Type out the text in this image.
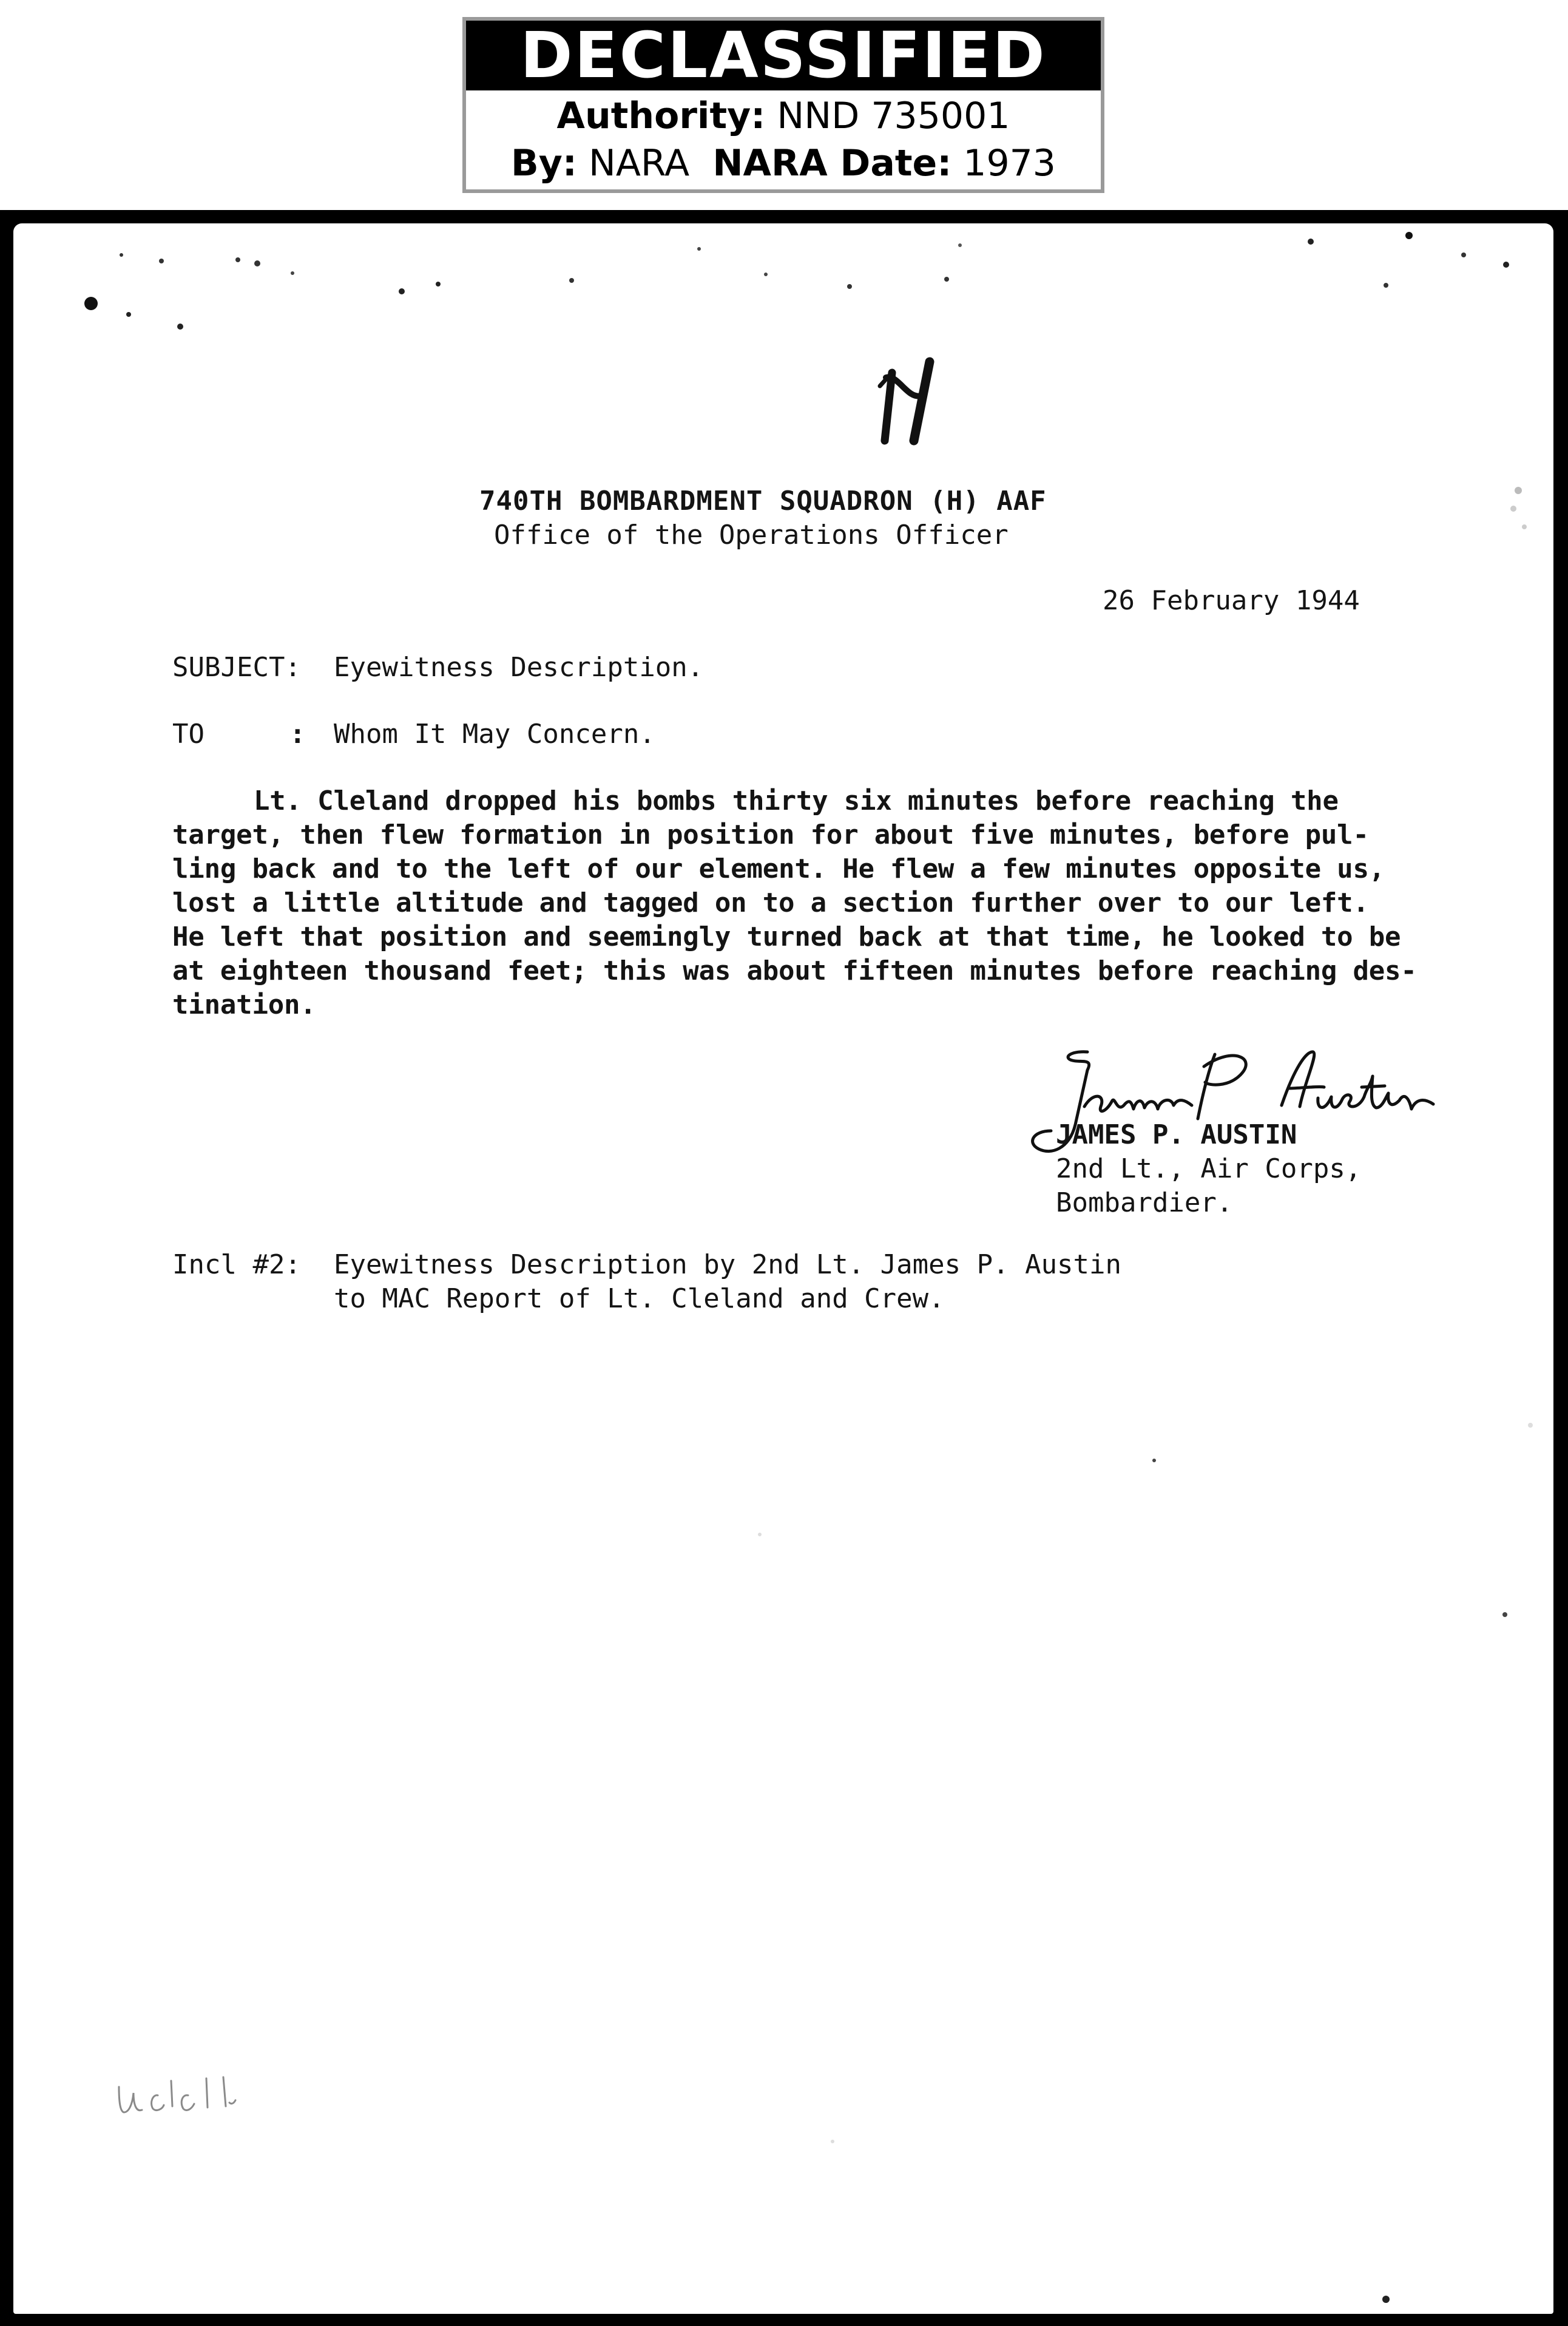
DECLASSIFIED
Authority: NND 735001
By: NARA NARA Date: 1973
740TH BOMBARDMENT SQUADRON (H) AAF
Office of the Operations Officer
26 February 1944
SUBJECT: Eyewitness Description.
TO	: Whom It May Concern.
Lt. Cleland dropped his bombs thirty six minutes before reaching the
target, then flew formation in position for about five minutes, before pul-
ling back and to the left of our element. He flew a few minutes opposite us,
lost a little altitude and tagged on to a section further over to our left.
He left that position and seemingly turned back at that time, he looked to be
at eighteen thousand feet; this was about fifteen minutes before reaching des-
tination.
JAMES P. AUSTIN
2nd Lt., Air Corps,
Bombardier.
Incl #2: Eyewitness Description by 2nd Lt. James P. Austin
to MAC Report of Lt. Cleland and Crew.
